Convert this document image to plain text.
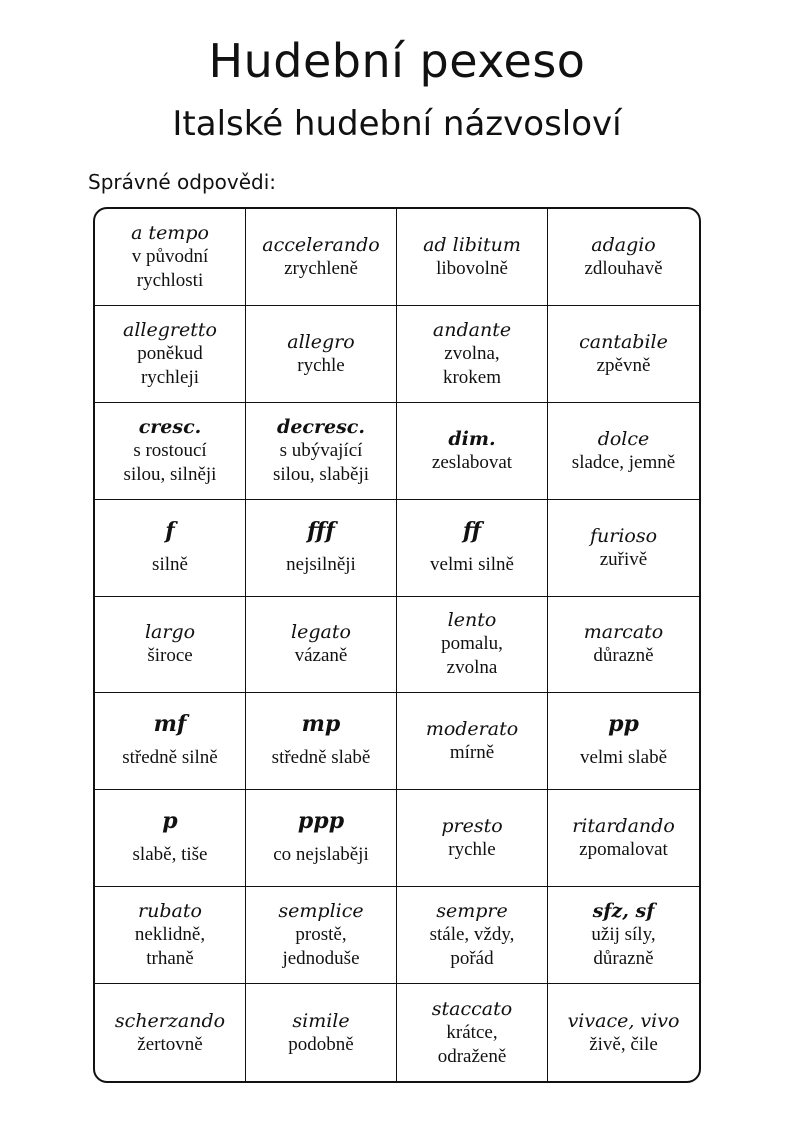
Hudební pexeso
Italské hudební názvosloví
Správné odpovědi:
a tempo
v původní
rychlosti
accelerando
zrychleně
ad libitum
libovolně
adagio
zdlouhavě
allegretto
poněkud
rychleji
allegro
rychle
andante
zvolna,
krokem
cantabile
zpěvně
cresc.
s rostoucí
silou, silněji
decresc.
s ubývající
silou, slaběji
dim.
zeslabovat
dolce
sladce, jemně
f
silně
fff
nejsilněji
ff
velmi silně
furioso
zuřivě
largo
široce
legato
vázaně
lento
pomalu,
zvolna
marcato
důrazně
mf
středně silně
mp
středně slabě
moderato
mírně
pp
velmi slabě
p
slabě, tiše
ppp
co nejslaběji
presto
rychle
ritardando
zpomalovat
rubato
neklidně,
trhaně
semplice
prostě,
jednoduše
sempre
stále, vždy,
pořád
sfz, sf
užij síly,
důrazně
scherzando
žertovně
simile
podobně
staccato
krátce,
odraženě
vivace, vivo
živě, čile
